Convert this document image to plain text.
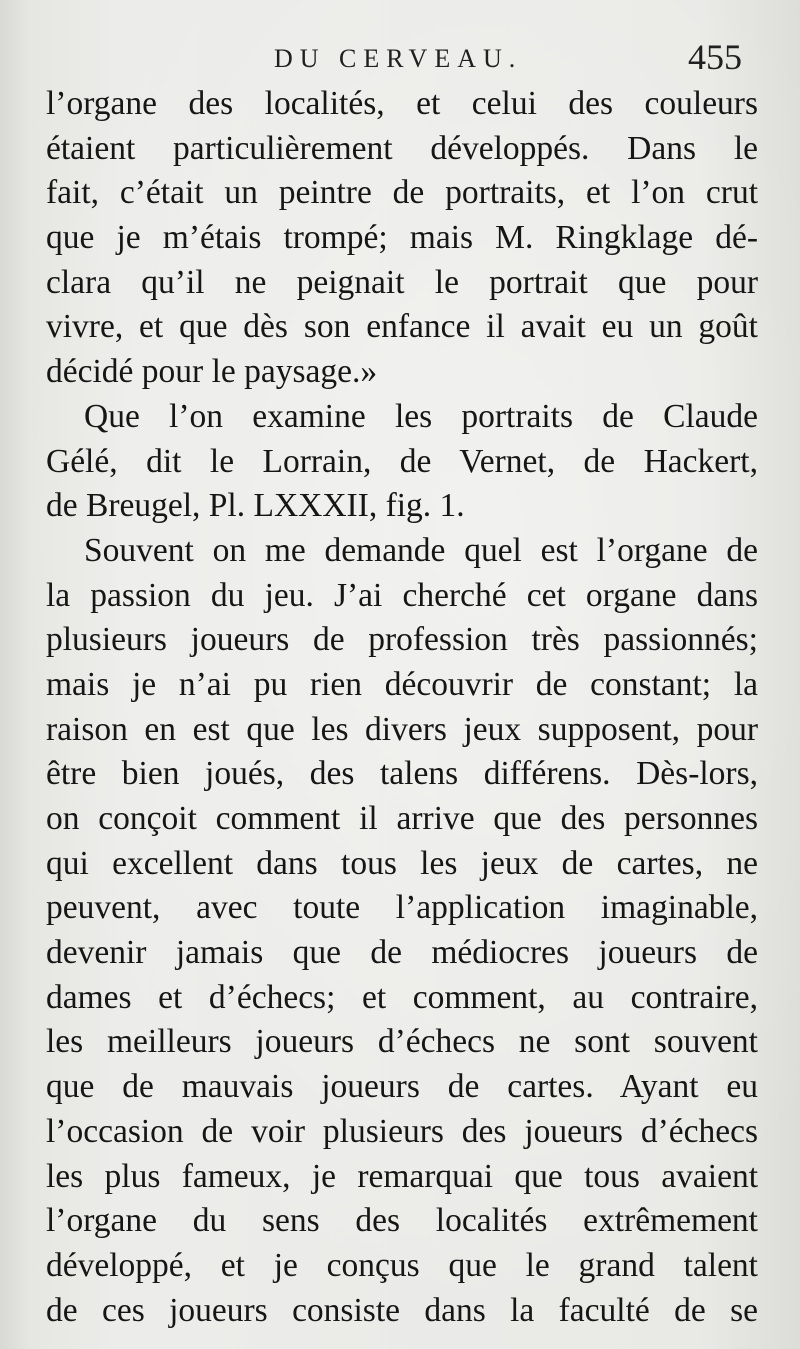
DU CERVEAU.	455
l’organe des localités, et celui des couleurs
étaient particulièrement développés. Dans le
fait, c’était un peintre de portraits, et l’on crut
que je m’étais trompé; mais M. Ringklage dé-
clara qu’il ne peignait le portrait que pour
vivre, et que dès son enfance il avait eu un goût
décidé pour le paysage.»
Que l’on examine les portraits de Claude
Gélé, dit le Lorrain, de Vernet, de Hackert,
de Breugel, Pl. LXXXII, fig. 1.
Souvent on me demande quel est l’organe de
la passion du jeu. J’ai cherché cet organe dans
plusieurs joueurs de profession très passionnés;
mais je n’ai pu rien découvrir de constant; la
raison en est que les divers jeux supposent, pour
être bien joués, des talens différens. Dès-lors,
on conçoit comment il arrive que des personnes
qui excellent dans tous les jeux de cartes, ne
peuvent, avec toute l’application imaginable,
devenir jamais que de médiocres joueurs de
dames et d’échecs; et comment, au contraire,
les meilleurs joueurs d’échecs ne sont souvent
que de mauvais joueurs de cartes. Ayant eu
l’occasion de voir plusieurs des joueurs d’échecs
les plus fameux, je remarquai que tous avaient
l’organe du sens des localités extrêmement
développé, et je conçus que le grand talent
de ces joueurs consiste dans la faculté de se
